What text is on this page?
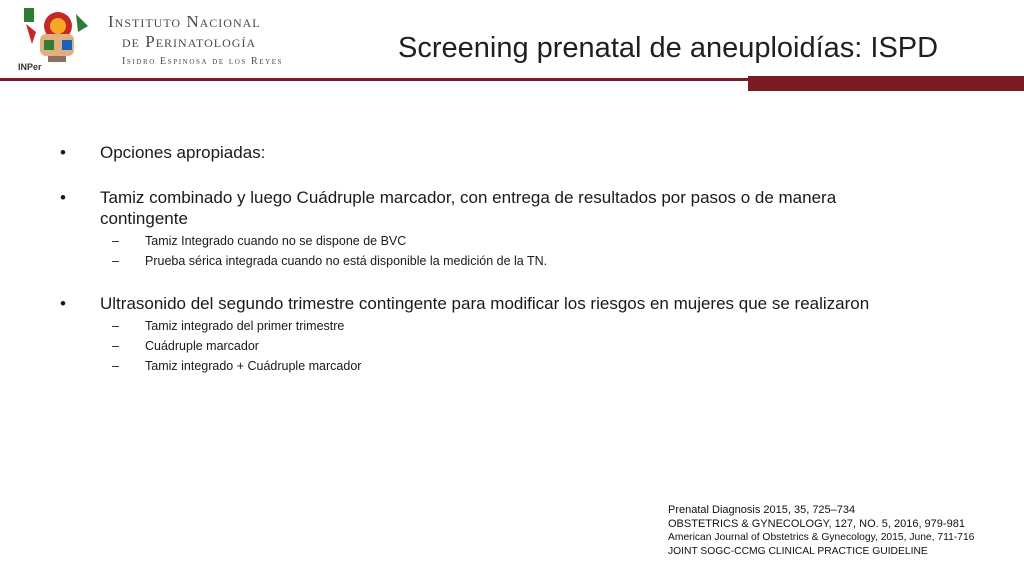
INPer
Instituto Nacional
de Perinatología
Isidro Espinosa de los Reyes	Screening prenatal de aneuploidías: ISPD
• Opciones apropiadas:
• Tamiz combinado y luego Cuádruple marcador, con entrega de resultados por pasos o de manera
contingente
– Tamiz Integrado cuando no se dispone de BVC
– Prueba sérica integrada cuando no está disponible la medición de la TN.
• Ultrasonido del segundo trimestre contingente para modificar los riesgos en mujeres que se realizaron
– Tamiz integrado del primer trimestre
– Cuádruple marcador
– Tamiz integrado + Cuádruple marcador
Prenatal Diagnosis 2015, 35, 725–734
OBSTETRICS & GYNECOLOGY, 127, NO. 5, 2016, 979-981
American Journal of Obstetrics & Gynecology, 2015, June, 711-716
JOINT SOGC-CCMG CLINICAL PRACTICE GUIDELINE
